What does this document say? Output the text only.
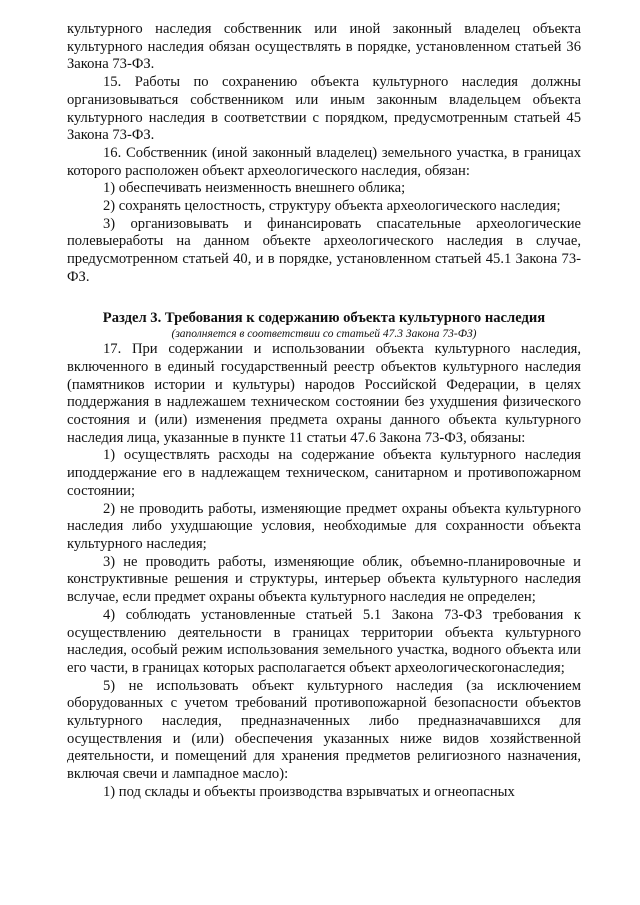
культурного наследия собственник или иной законный владелец объекта культурного наследия обязан осуществлять в порядке, установленном статьей 36 Закона 73-ФЗ.

15. Работы по сохранению объекта культурного наследия должны организовываться собственником или иным законным владельцем объекта культурного наследия в соответствии с порядком, предусмотренным статьей 45 Закона 73-ФЗ.

16. Собственник (иной законный владелец) земельного участка, в границах которого расположен объект археологического наследия, обязан:

1) обеспечивать неизменность внешнего облика;

2) сохранять целостность, структуру объекта археологического наследия;

3) организовывать и финансировать спасательные археологические полевыеработы на данном объекте археологического наследия в случае, предусмотренном статьей 40, и в порядке, установленном статьей 45.1 Закона 73-ФЗ.

Раздел 3. Требования к содержанию объекта культурного наследия
(заполняется в соответствии со статьей 47.3 Закона 73-ФЗ)

17. При содержании и использовании объекта культурного наследия, включенного в единый государственный реестр объектов культурного наследия (памятников истории и культуры) народов Российской Федерации, в целях поддержания в надлежашем техническом состоянии без ухудшения физического состояния и (или) изменения предмета охраны данного объекта культурного наследия лица, указанные в пункте 11 статьи 47.6 Закона 73-ФЗ, обязаны:

1) осуществлять расходы на содержание объекта культурного наследия иподдержание его в надлежащем техническом, санитарном и противопожарном состоянии;

2) не проводить работы, изменяющие предмет охраны объекта культурного наследия либо ухудшающие условия, необходимые для сохранности объекта культурного наследия;

3) не проводить работы, изменяющие облик, объемно-планировочные и конструктивные решения и структуры, интерьер объекта культурного наследия вслучае, если предмет охраны объекта культурного наследия не определен;

4) соблюдать установленные статьей 5.1 Закона 73-ФЗ требования к осуществлению деятельности в границах территории объекта культурного наследия, особый режим использования земельного участка, водного объекта или его части, в границах которых располагается объект археологическогонаследия;

5) не использовать объект культурного наследия (за исключением оборудованных с учетом требований противопожарной безопасности объектов культурного наследия, предназначенных либо предназначавшихся для осуществления и (или) обеспечения указанных ниже видов хозяйственной деятельности, и помещений для хранения предметов религиозного назначения, включая свечи и лампадное масло):

1) под склады и объекты производства взрывчатых и огнеопасных
